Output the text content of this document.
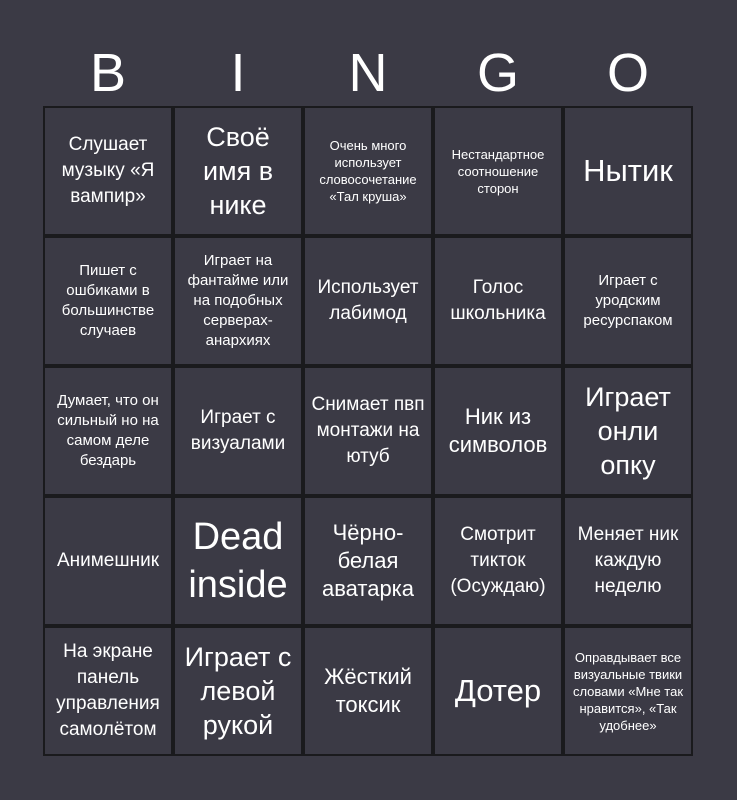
B	I	N	G	O
Слушает музыку «Я вампир»
Своё имя в нике
Очень много использует словосочетание «Тал круша»
Нестандартное соотношение сторон	Нытик
Пишет с ошбиками в большинстве случаев
Играет на фантайме или на подобных серверах-анархиях
Использует лабимод
Голос школьника
Играет с уродским ресурспаком
Думает, что он сильный но на самом деле бездарь
Играет с визуалами
Снимает пвп монтажи на ютуб
Ник из символов
Играет онли опку
Анимешник
Dead inside
Чёрно-белая аватарка
Смотрит тикток (Осуждаю)
Меняет ник каждую неделю
На экране панель управления самолётом
Играет с левой рукой
Жёсткий токсик	Дотер
Оправдывает все визуальные твики словами «Мне так нравится», «Так удобнее»
